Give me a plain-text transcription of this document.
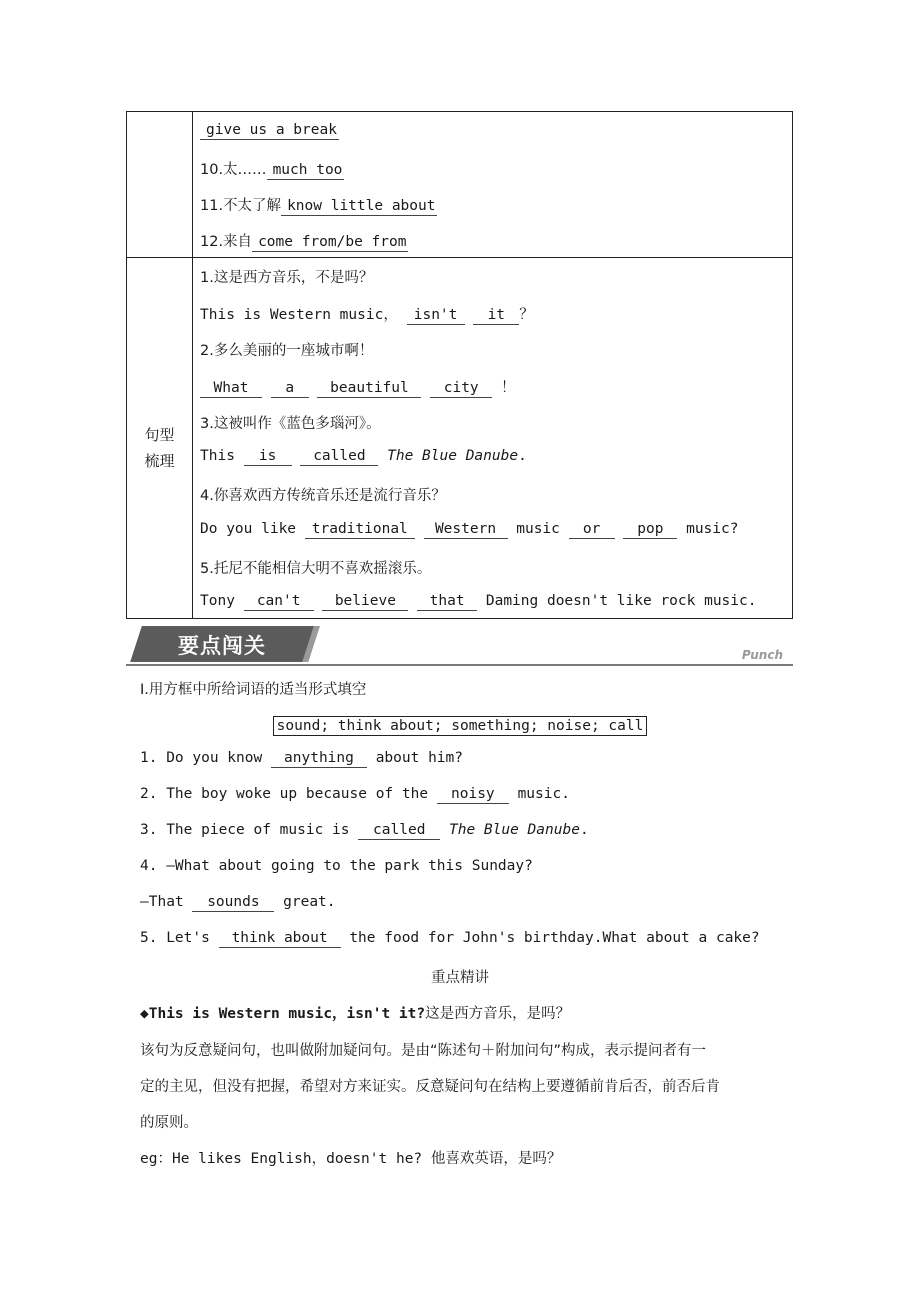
句型
梳理
give us a break
10.太…… much too
11.不太了解 know little about
12.来自 come from/be from
1.这是西方音乐，不是吗？
This is Western music， isn't it ？
2.多么美丽的一座城市啊！
What	a beautiful city ！
3.这被叫作《蓝色多瑙河》。
This is	called The Blue Danube.
4.你喜欢西方传统音乐还是流行音乐？
Do you like traditional Western music or	pop music?
5.托尼不能相信大明不喜欢摇滚乐。
Tony can't believe that Daming doesn't like rock music.
要点闯关	Punch
Ⅰ.用方框中所给词语的适当形式填空
sound; think about; something; noise; call
1. Do you know anything about him?
2. The boy woke up because of the noisy music.
3. The piece of music is called The Blue Danube.
4. —What about going to the park this Sunday?
—That sounds great.
5. Let's think about the food for John's birthday.What about a cake?
重点精讲
◆This is Western music，isn't it?这是西方音乐，是吗？
该句为反意疑问句，也叫做附加疑问句。是由“陈述句＋附加问句”构成，表示提问者有一
定的主见，但没有把握，希望对方来证实。反意疑问句在结构上要遵循前肯后否，前否后肯
的原则。
eg：He likes English，doesn't he? 他喜欢英语，是吗？
